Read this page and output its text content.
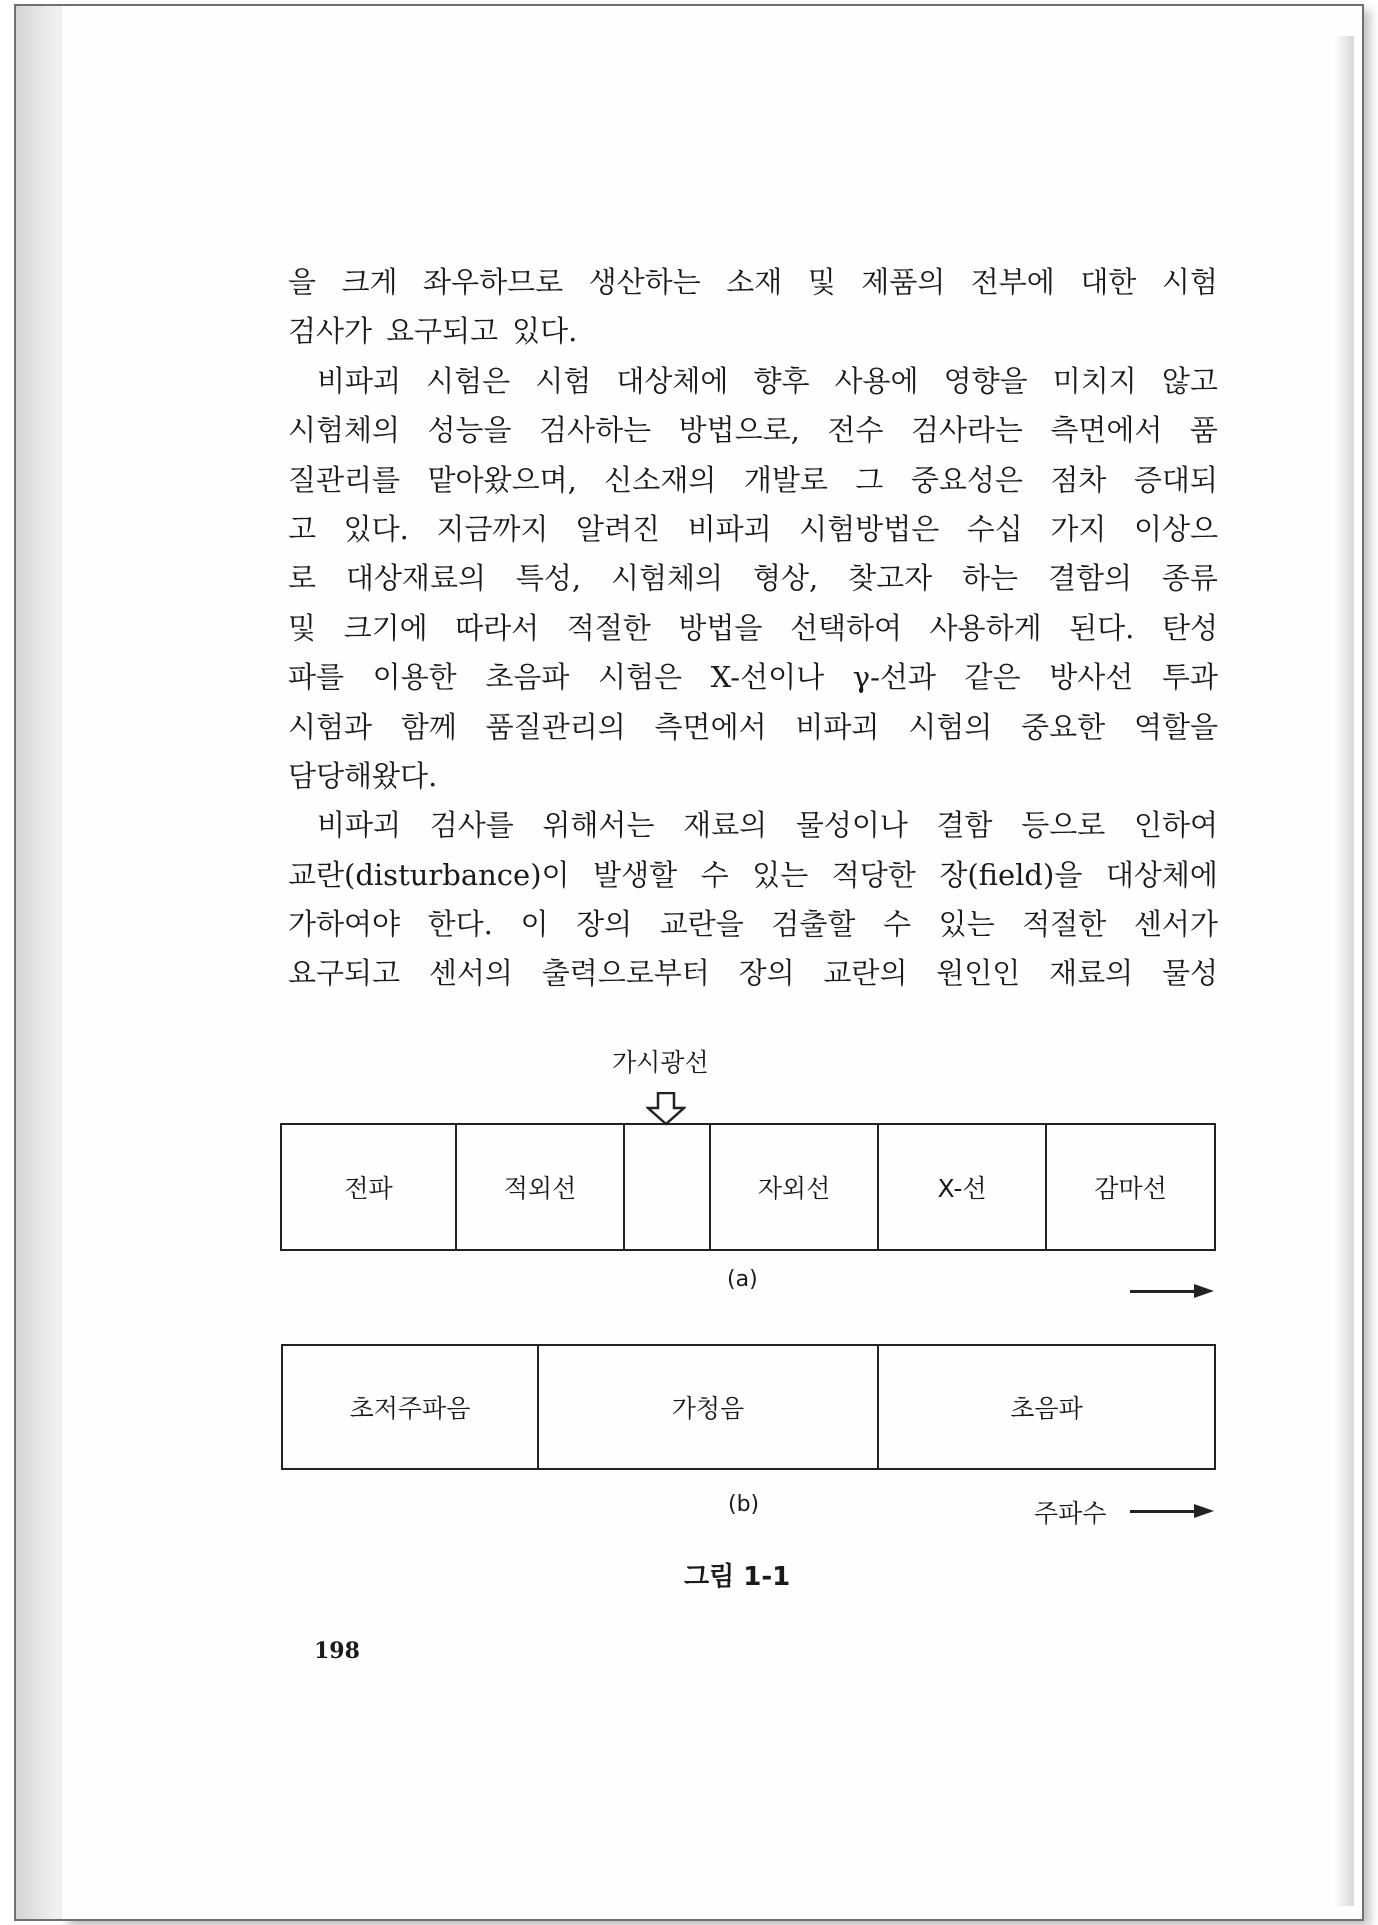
을 크게 좌우하므로 생산하는 소재 및 제품의 전부에 대한 시험
검사가 요구되고 있다.
　비파괴 시험은 시험 대상체에 향후 사용에 영향을 미치지 않고
시험체의 성능을 검사하는 방법으로, 전수 검사라는 측면에서 품
질관리를 맡아왔으며, 신소재의 개발로 그 중요성은 점차 증대되
고 있다. 지금까지 알려진 비파괴 시험방법은 수십 가지 이상으
로 대상재료의 특성, 시험체의 형상, 찾고자 하는 결함의 종류
및 크기에 따라서 적절한 방법을 선택하여 사용하게 된다. 탄성
파를 이용한 초음파 시험은 X-선이나 γ-선과 같은 방사선 투과
시험과 함께 품질관리의 측면에서 비파괴 시험의 중요한 역할을
담당해왔다.
　비파괴 검사를 위해서는 재료의 물성이나 결함 등으로 인하여
교란(disturbance)이 발생할 수 있는 적당한 장(field)을 대상체에
가하여야 한다. 이 장의 교란을 검출할 수 있는 적절한 센서가
요구되고 센서의 출력으로부터 장의 교란의 원인인 재료의 물성
가시광선
전파	적외선	자외선	X-선	감마선
(a)
초저주파음	가청음	초음파
(b)	주파수
그림 1-1
198
